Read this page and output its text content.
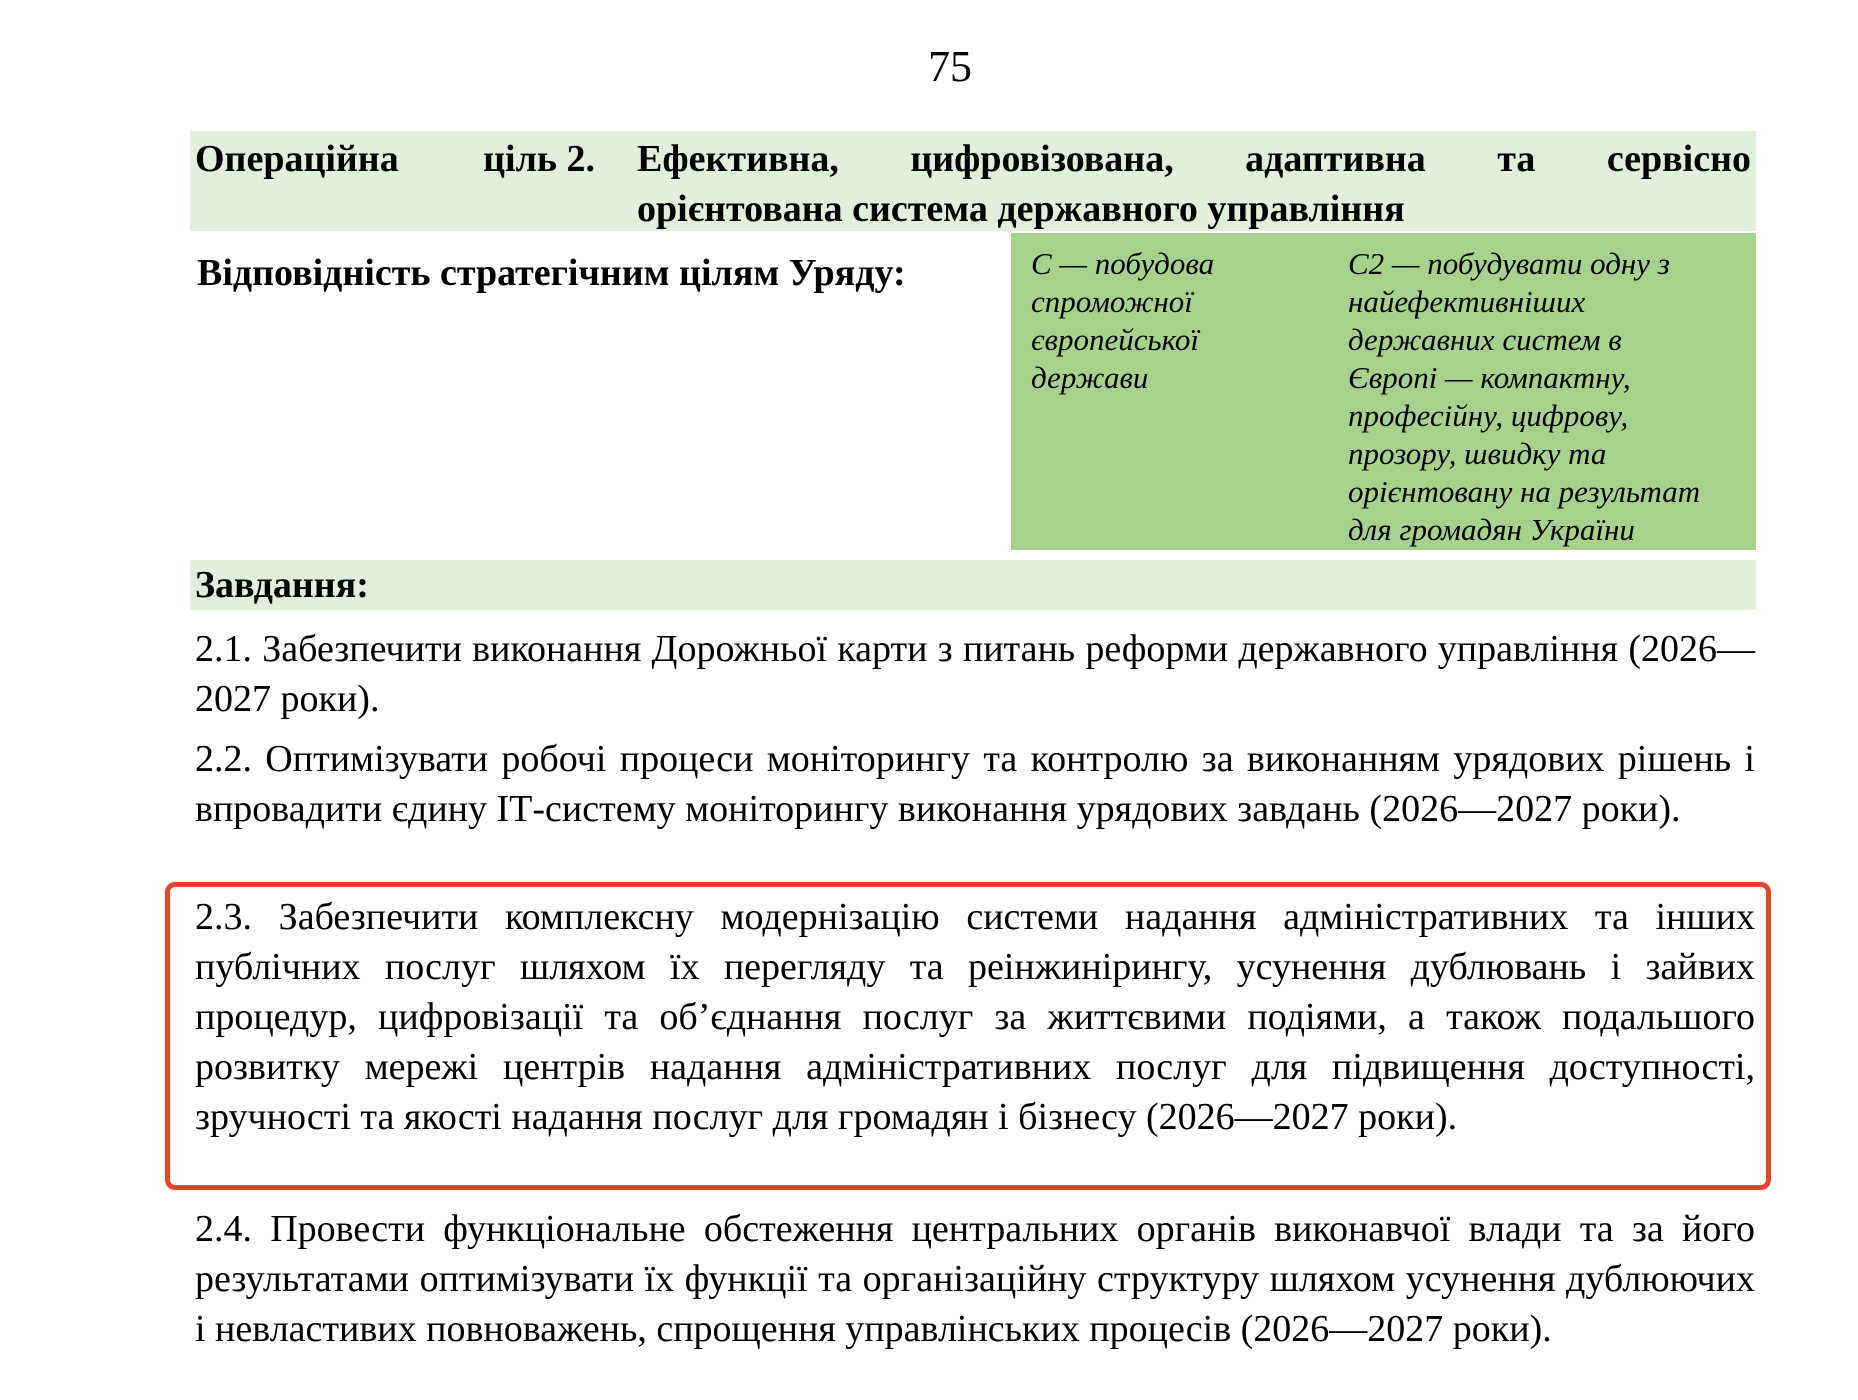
75
Операційна ціль 2. Ефективна, цифровізована, адаптивна та сервісно
орієнтована система державного управління
Відповідність стратегічним цілям Уряду:	С — побудова
спроможної
європейської
держави
С2 — побудувати одну з
найефективніших
державних систем в
Європі — компактну,
професійну, цифрову,
прозору, швидку та
орієнтовану на результат
для громадян України
Завдання:
2.1. Забезпечити виконання Дорожньої карти з питань реформи державного управління (2026—2027 роки).
2.2. Оптимізувати робочі процеси моніторингу та контролю за виконанням урядових рішень і впровадити єдину ІТ-систему моніторингу виконання урядових завдань (2026—2027 роки).
2.3. Забезпечити комплексну модернізацію системи надання адміністративних та інших публічних послуг шляхом їх перегляду та реінжинірингу, усунення дублювань і зайвих процедур, цифровізації та об’єднання послуг за життєвими подіями, а також подальшого розвитку мережі центрів надання адміністративних послуг для підвищення доступності, зручності та якості надання послуг для громадян і бізнесу (2026—2027 роки).
2.4. Провести функціональне обстеження центральних органів виконавчої влади та за його результатами оптимізувати їх функції та організаційну структуру шляхом усунення дублюючих і невластивих повноважень, спрощення управлінських процесів (2026—2027 роки).
